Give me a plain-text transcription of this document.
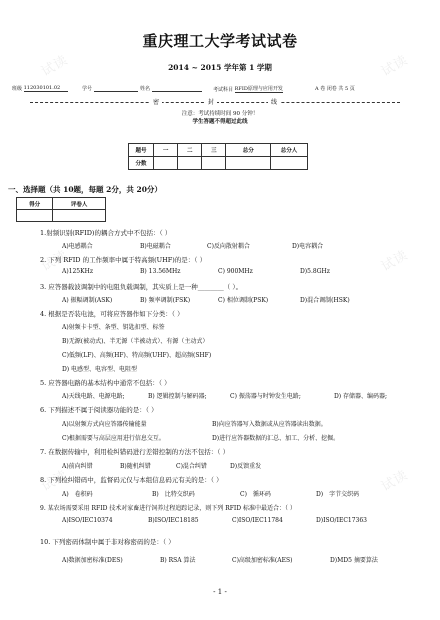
试读	试读
试读	试读
试读	试读
重庆理工大学考试试卷
2014 ~ 2015 学年第 1 学期
班级 112030101.02	学号	姓名	考试科目 RFID原理与应用开发	A 卷 闭卷 共 5 页
密	封	线
注意：考试持续时间 90 分钟！
学生答题不得超过此线
题号	一	二	三	总分	总分人
分数					
一、选择题（共 10题，每题 2分，共 20分）
得分	评卷人

1.射频识别(RFID)的耦合方式中不包括：（ ）
A)电感耦合	B)电磁耦合	C)反向散射耦合	D)电容耦合
2. 下列 RFID 的工作频率中属于特高频(UHF)的是：（ ）
A)125KHz	B) 13.56MHz	C) 900MHz	D)5.8GHz
3. 应答器载波调制中的电阻负载调制，其实质上是一种________（ ）。
A) 振幅调制(ASK)	B) 频率调制(FSK)	C) 相位调制(PSK)	D)混合调制(HSK)
4. 根据是否装电池，可将应答器作如下分类：（ ）
A)射频卡卡型、条型、钥匙扣型、标签
B)无源(被动式)、半无源（半被动式）、有源（主动式）
C)低频(LF)、高频(HF)、特高频(UHF)、超高频(SHF)
D) 电感型、电容型、电阻型
5. 应答器电路的基本结构中通常不包括：（ ）
A)天线电路、电源电路;	B) 逻辑控制与解码器;	C) 振荡器与时钟发生电路;	D) 存储器、编码器;
6. 下列描述不属于阅读器功能的是：（ ）
A)以射频方式向应答器传输能量	B)向应答器写入数据或从应答器读出数据。
C)根据需要与高层应用进行信息交互。	D)进行应答器数据的汇总、加工、分析、挖掘。
7. 在数据传输中，利用检纠错码进行差错控制的方法不包括：（ ）
A)前向纠错	B)随机纠错	C)混合纠错	D)反馈重发
8. 下列检纠错码中，监督码元仅与本组信息码元有关的是：（ ）
A)　卷积码	B)　比特交织码	C)　循环码	D)　字节交织码
9. 某农场需要采用 RFID 技术对家畜进行饲养过程追踪记录，则下列 RFID 标准中最适合：（ ）
A)ISO/IEC10374	B)ISO/IEC18185	C)ISO/IEC11784	D)ISO/IEC17363
10. 下列密码体制中属于非对称密码的是：（ ）
A)数据加密标准(DES)	B) RSA 算法	C)高级加密标准(AES)	D)MD5 摘要算法
- 1 -
